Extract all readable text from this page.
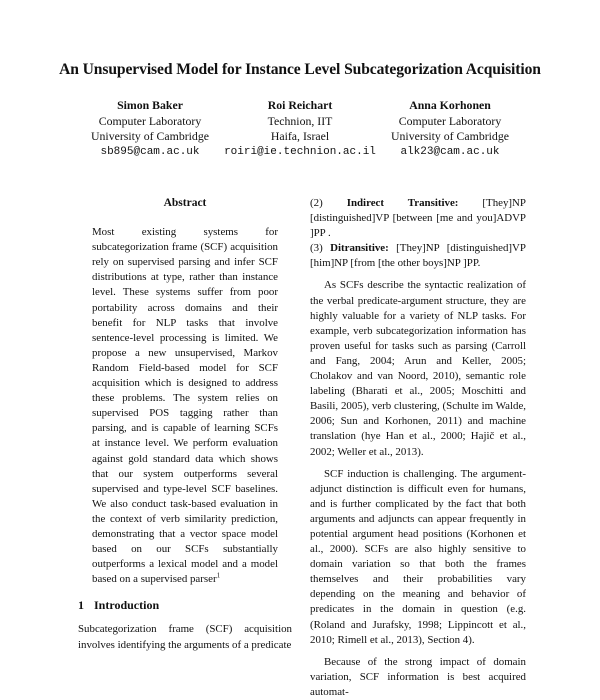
An Unsupervised Model for Instance Level Subcategorization Acquisition
Simon Baker
Computer Laboratory
University of Cambridge
sb895@cam.ac.uk
Roi Reichart
Technion, IIT
Haifa, Israel
roiri@ie.technion.ac.il
Anna Korhonen
Computer Laboratory
University of Cambridge
alk23@cam.ac.uk
Abstract
Most existing systems for subcategorization frame (SCF) acquisition rely on supervised parsing and infer SCF distributions at type, rather than instance level. These systems suffer from poor portability across domains and their benefit for NLP tasks that involve sentence-level processing is limited. We propose a new unsupervised, Markov Random Field-based model for SCF acquisition which is designed to address these problems. The system relies on supervised POS tagging rather than parsing, and is capable of learning SCFs at instance level. We perform evaluation against gold standard data which shows that our system outperforms several supervised and type-level SCF baselines. We also conduct task-based evaluation in the context of verb similarity prediction, demonstrating that a vector space model based on our SCFs substantially outperforms a lexical model and a model based on a supervised parser$^1$
1 Introduction

Subcategorization frame (SCF) acquisition involves identifying the arguments of a predicate

(2) Indirect Transitive: [They]NP [distinguished]VP [between [me and you]ADVP ]PP .

(3) Ditransitive: [They]NP [distinguished]VP [him]NP [from [the other boys]NP ]PP.

As SCFs describe the syntactic realization of the verbal predicate-argument structure, they are highly valuable for a variety of NLP tasks. For example, verb subcategorization information has proven useful for tasks such as parsing (Carroll and Fang, 2004; Arun and Keller, 2005; Cholakov and van Noord, 2010), semantic role labeling (Bharati et al., 2005; Moschitti and Basili, 2005), verb clustering, (Schulte im Walde, 2006; Sun and Korhonen, 2011) and machine translation (hye Han et al., 2000; Hajič et al., 2002; Weller et al., 2013).

SCF induction is challenging. The argument-adjunct distinction is difficult even for humans, and is further complicated by the fact that both arguments and adjuncts can appear frequently in potential argument head positions (Korhonen et al., 2000). SCFs are also highly sensitive to domain variation so that both the frames themselves and their probabilities vary depending on the meaning and behavior of predicates in the domain in question (e.g. (Roland and Jurafsky, 1998; Lippincott et al., 2010; Rimell et al., 2013), Section 4).

Because of the strong impact of domain variation, SCF information is best acquired automat-
